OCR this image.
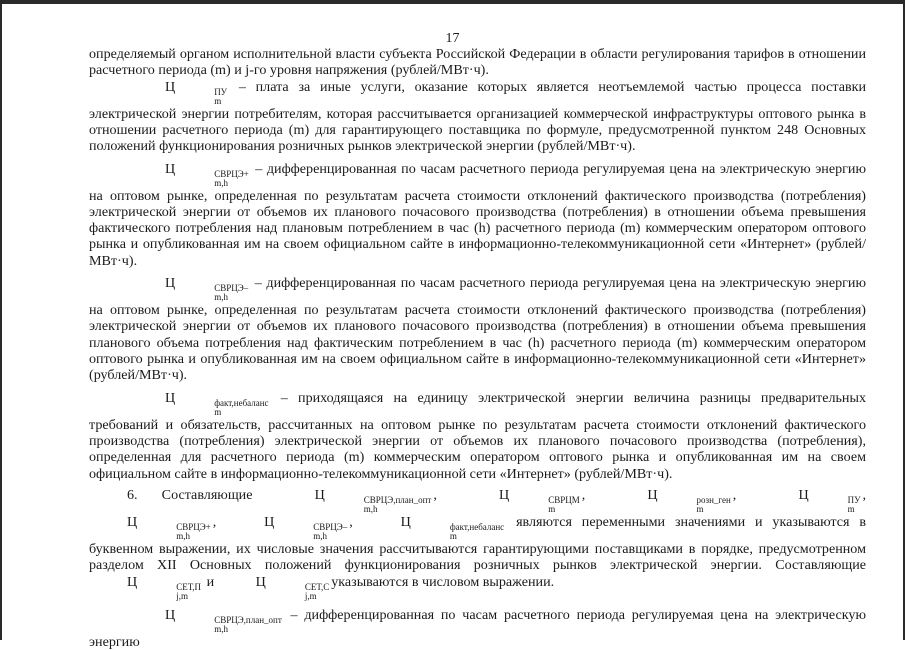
17

определяемый органом исполнительной власти субъекта Российской Федерации в области регулирования тарифов в отношении расчетного периода (m) и j-го уровня напряжения (рублей/МВт·ч).

Ц	ПУ
m
– плата за иные услуги, оказание которых является неотъемлемой частью процесса поставки электрической энергии потребителям, которая рассчитывается организацией коммерческой инфраструктуры оптового рынка в отношении расчетного периода (m) для гарантирующего поставщика по формуле, предусмотренной пунктом 248 Основных положений функционирования розничных рынков электрической энергии (рублей/МВт·ч).

Ц	СВРЦЭ+
m,h
– дифференцированная по часам расчетного периода регулируемая цена на электрическую энергию на оптовом рынке, определенная по результатам расчета стоимости отклонений фактического производства (потребления) электрической энергии от объемов их планового почасового производства (потребления) в отношении объема превышения фактического потребления над плановым потреблением в час (h) расчетного периода (m) коммерческим оператором оптового рынка и опубликованная им на своем официальном сайте в информационно-телекоммуникационной сети «Интернет» (рублей/МВт·ч).

Ц	СВРЦЭ–
m,h
– дифференцированная по часам расчетного периода регулируемая цена на электрическую энергию на оптовом рынке, определенная по результатам расчета стоимости отклонений фактического производства (потребления) электрической энергии от объемов их планового почасового производства (потребления) в отношении объема превышения планового объема потребления над фактическим потреблением в час (h) расчетного периода (m) коммерческим оператором оптового рынка и опубликованная им на своем официальном сайте в информационно-телекоммуникационной сети «Интернет» (рублей/МВт·ч).

Ц	факт,небаланс
m
– приходящаяся на единицу электрической энергии величина разницы предварительных требований и обязательств, рассчитанных на оптовом рынке по результатам расчета стоимости отклонений фактического производства (потребления) электрической энергии от объемов их планового почасового производства (потребления), определенная для расчетного периода (m) коммерческим оператором оптового рынка и опубликованная им на своем официальном сайте в информационно-телекоммуникационной сети «Интернет» (рублей/МВт·ч).

6. Составляющие	Ц	СВРЦЭ,план_опт
m,h
,	Ц	СВРЦМ
m
,	Ц	розн_ген
m
,	Ц	ПУ
m
, Ц	СВРЦЭ+
m,h
,	Ц	СВРЦЭ–
m,h
,	Ц	факт,небаланс
m
являются переменными значениями и указываются в буквенном выражении, их числовые значения рассчитываются гарантирующими поставщиками в порядке, предусмотренном разделом XII Основных положений функционирования розничных рынков электрической энергии. Составляющие Ц	СЕТ,П
j,m
и	Ц	СЕТ,С
j,m
указываются в числовом выражении.

Ц	СВРЦЭ,план_опт
m,h
– дифференцированная по часам расчетного периода регулируемая цена на электрическую энергию
